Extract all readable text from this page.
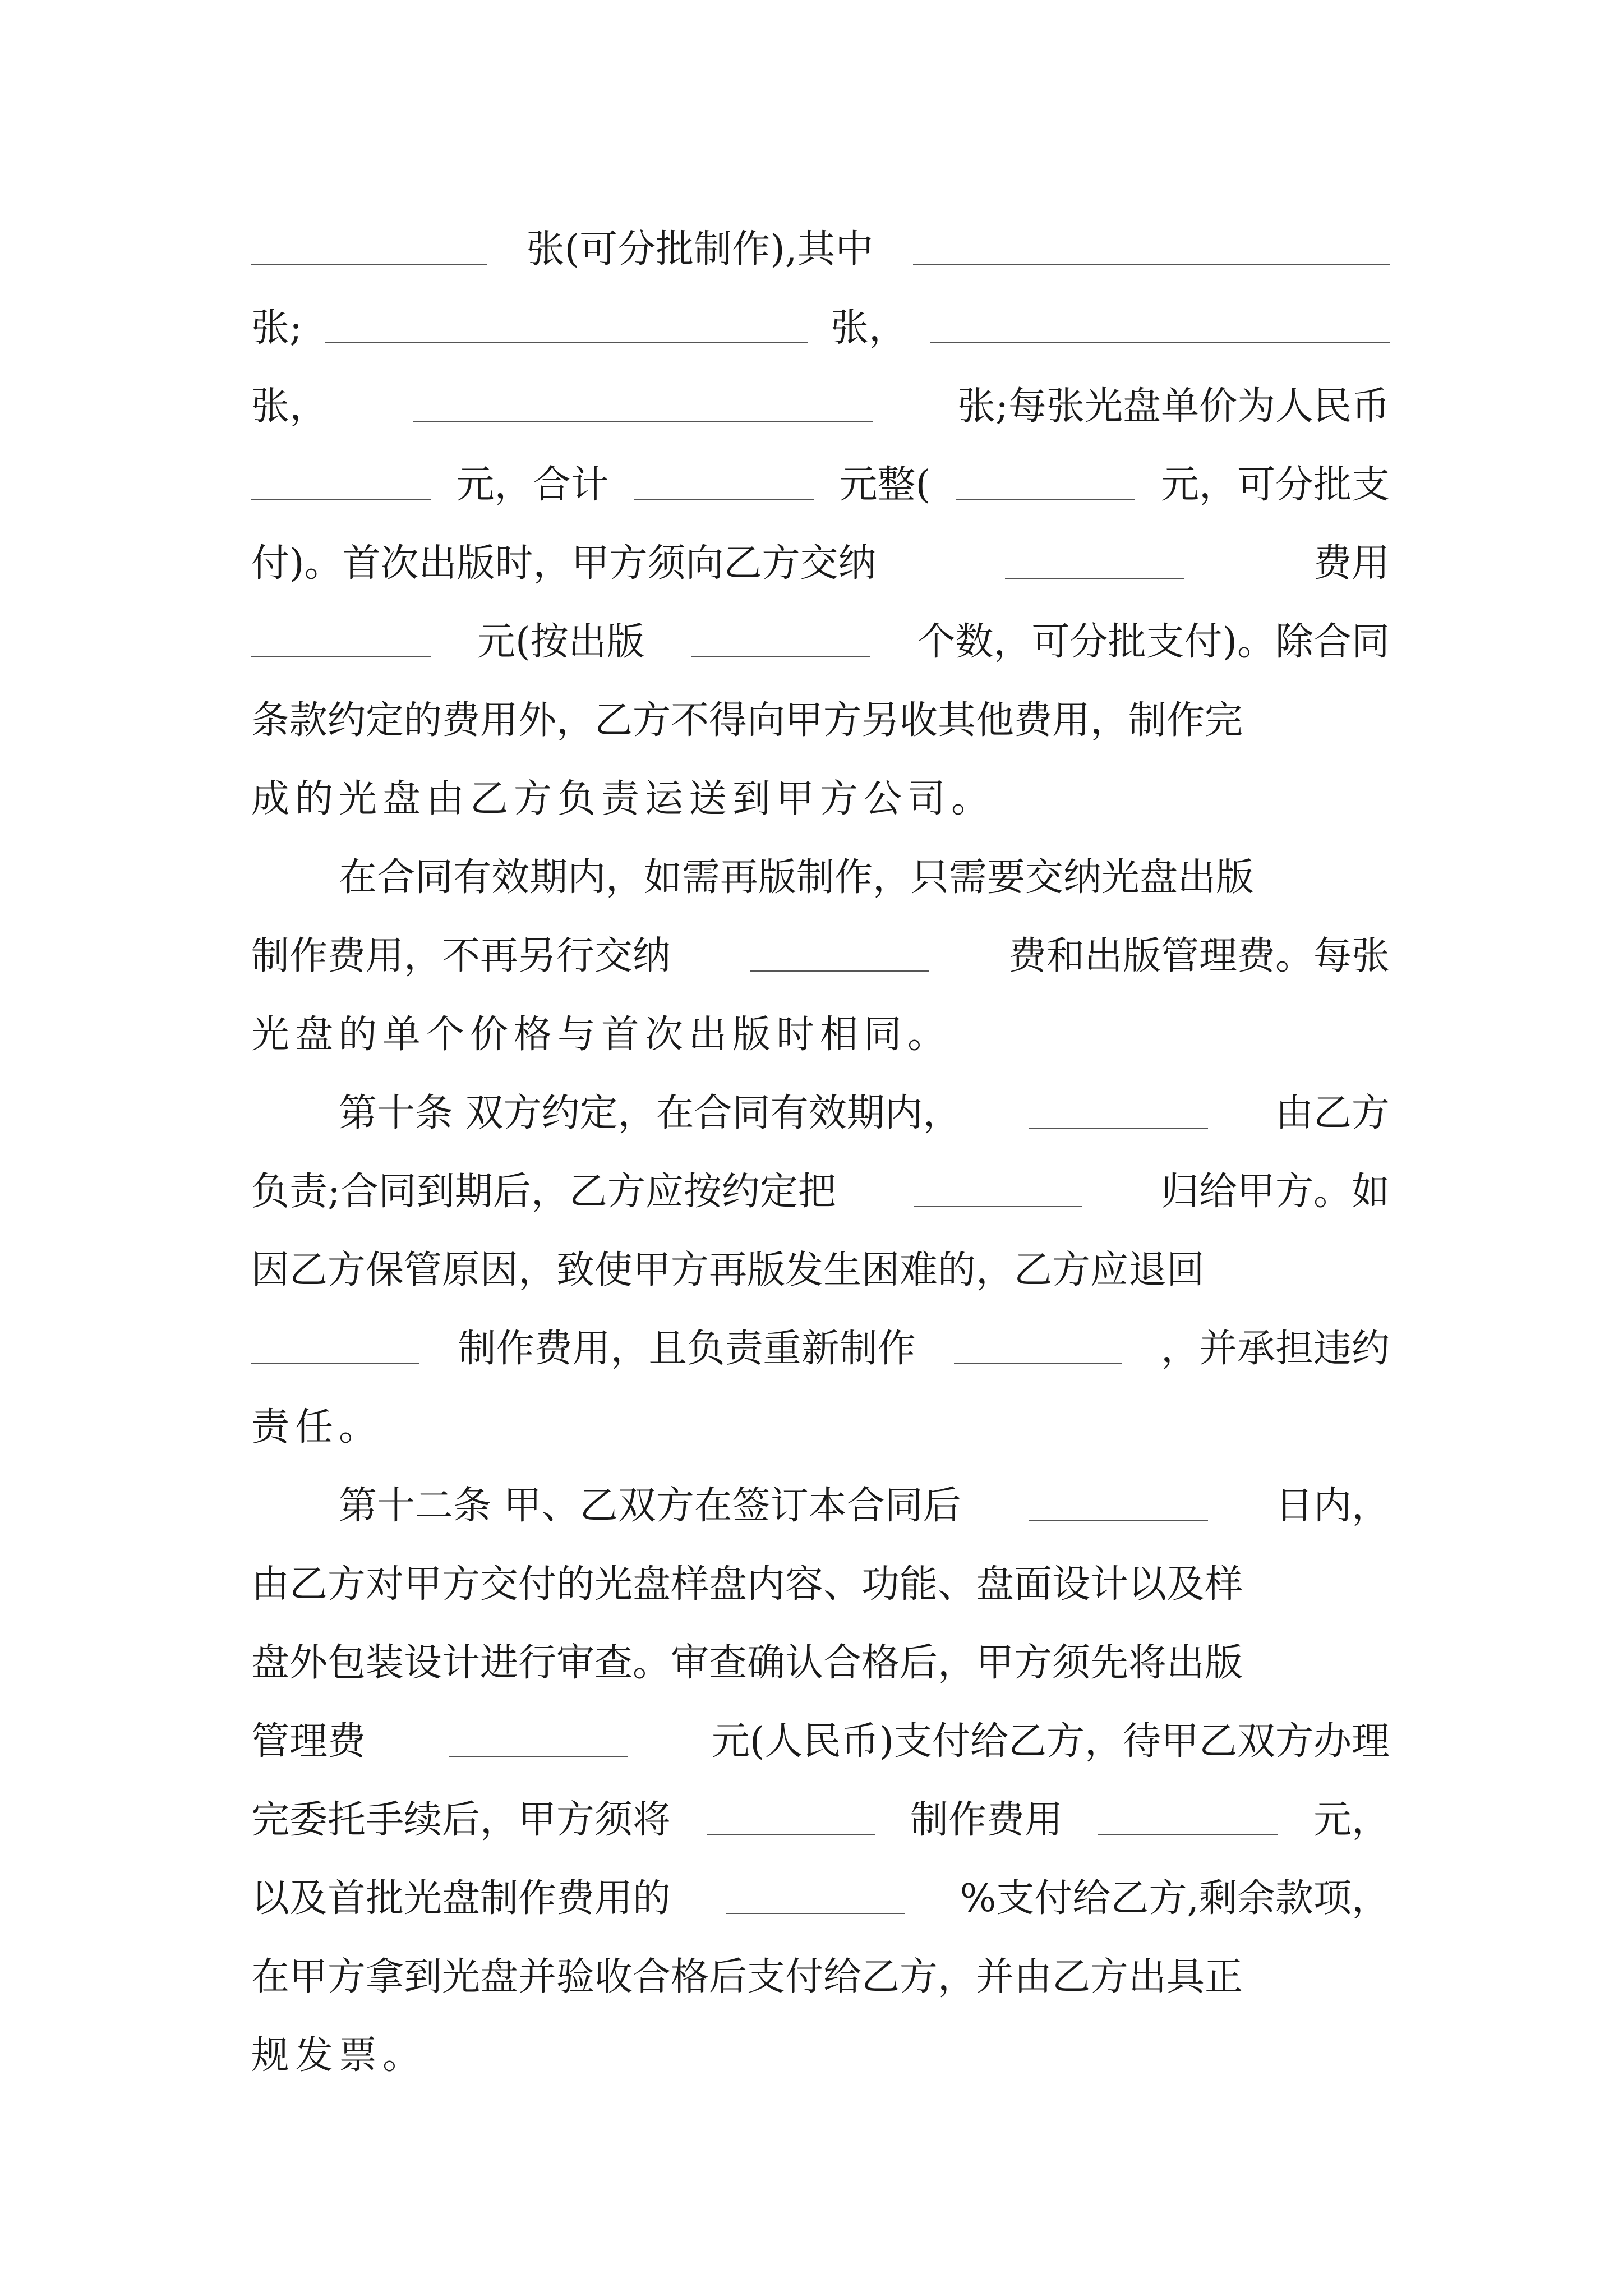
张(可分批制作),其中
张;	张，
张，	张;每张光盘单价为人民币
元，合计	元整(	元，可分批支
付)。首次出版时，甲方须向乙方交纳	费用
元(按出版	个数，可分批支付)。除合同
条款约定的费用外，乙方不得向甲方另收其他费用，制作完
成的光盘由乙方负责运送到甲方公司。
在合同有效期内，如需再版制作，只需要交纳光盘出版
制作费用，不再另行交纳	费和出版管理费。每张
光盘的单个价格与首次出版时相同。
第十条 双方约定，在合同有效期内，	由乙方
负责;合同到期后，乙方应按约定把	归给甲方。如
因乙方保管原因，致使甲方再版发生困难的，乙方应退回
制作费用，且负责重新制作	，并承担违约
责任。
第十二条 甲、乙双方在签订本合同后	日内，
由乙方对甲方交付的光盘样盘内容、功能、盘面设计以及样
盘外包装设计进行审查。审查确认合格后，甲方须先将出版
管理费	元(人民币)支付给乙方，待甲乙双方办理
完委托手续后，甲方须将	制作费用	元，
以及首批光盘制作费用的	%支付给乙方,剩余款项，
在甲方拿到光盘并验收合格后支付给乙方，并由乙方出具正
规发票。
